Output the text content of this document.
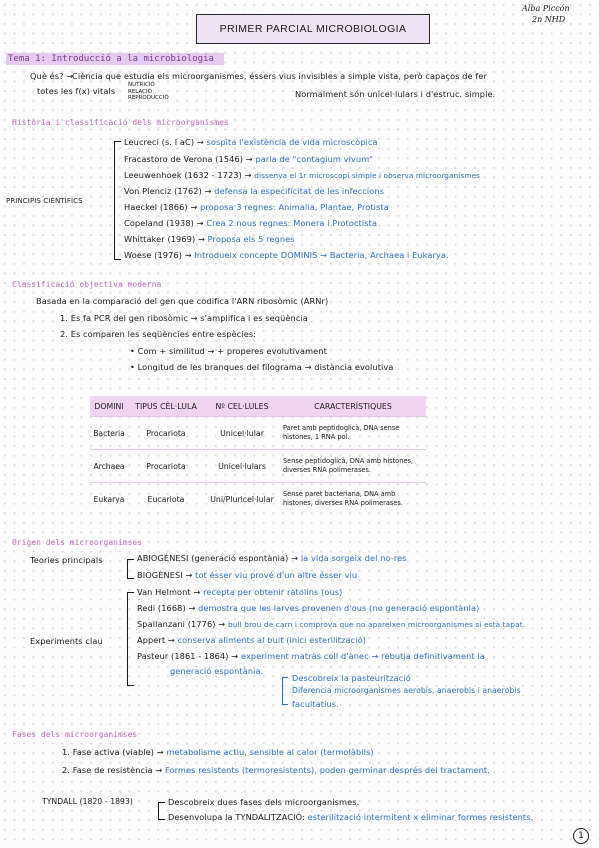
PRIMER PARCIAL MICROBIOLOGIA
Alba Piccón
2n NHD
Tema 1: Introducció a la microbiologia
Què és? →
Ciència que estudia els microorganismes, éssers vius invisibles a simple vista, però capaços de fer
totes les f(x) vitals
NUTRICIÓ
RELACIÓ
REPRODUCCIÓ	Normalment són unicel·lulars i d'estruc. simple.
Història i classificació dels microorganismes
PRINCIPIS CIENTÍFICS
Leucreci (s. I aC) → sospita l'existència de vida microscòpica
Fracastoro de Verona (1546) → parla de "contagium vivum"
Leeuwenhoek (1632 - 1723) → dissenya el 1r microscopi simple i observa microorganismes
Von Plenciz (1762) → defensa la especificitat de les infeccions
Haeckel (1866) → proposa 3 regnes: Animalia, Plantae, Protista
Copeland (1938) → Crea 2 nous regnes: Monera i Protoctista
Whittaker (1969) → Proposa els 5 regnes
Woese (1976) → Introdueix concepte DOMINIS → Bacteria, Archaea i Eukarya.
Classificació objectiva moderna
Basada en la comparació del gen que codifica l'ARN ribosòmic (ARNr)
1. Es fa PCR del gen ribosòmic → s'amplifica i es seqüència
2. Es comparen les seqüències entre espècies:
• Com + similitud → + properes evolutivament
• Longitud de les branques del filograma → distància evolutiva
DOMINI	TIPUS CÈL·LULA	Nº CEL·LULES	CARACTERÍSTIQUES
Bacteria	Procariota	Unicel·lular	Paret amb peptidoglicà, DNA sense histones, 1 RNA pol.
Archaea	Procariota	Unicel·lulars	Sense peptidoglicà, DNA amb histones, diverses RNA polimerases.
Eukarya	Eucariota	Uni/Pluricel·lular	Sense paret bacteriana, DNA amb histones, diverses RNA polimerases.
Origen dels microorganimses
Teories principals	ABIOGÈNESI (generació espontània) → la vida sorgeix del no-res
BIOGÈNESI → tot ésser viu prové d'un altre ésser viu
Experiments clau
Van Helmont → recepta per obtenir ratolins (ous)
Redi (1668) → demostra que les larves provenen d'ous (no generació espontània)
Spallanzani (1776) → bull brou de carn i comprova que no apareixen microorganismes si està tapat.
Appert → conserva aliments al buit (inici esterilització)
Pasteur (1861 - 1864) → experiment matràs coll d'ànec → rebutja definitivament la
generació espontània.
Descobreix la pasteurització
Diferencia microorganismes aerobis, anaerobis i anaerobis
facultatius.
Fases dels microorganimses
1. Fase activa (viable) → metabolisme actiu, sensible al calor (termolàbils)
2. Fase de resistència → Formes resistents (termoresistents), poden germinar després del tractament.
TYNDALL (1820 - 1893)	Descobreix dues fases dels microorganismes.
Desenvolupa la TYNDALITZACIÓ: esterilització intermitent x eliminar formes resistents.
1
